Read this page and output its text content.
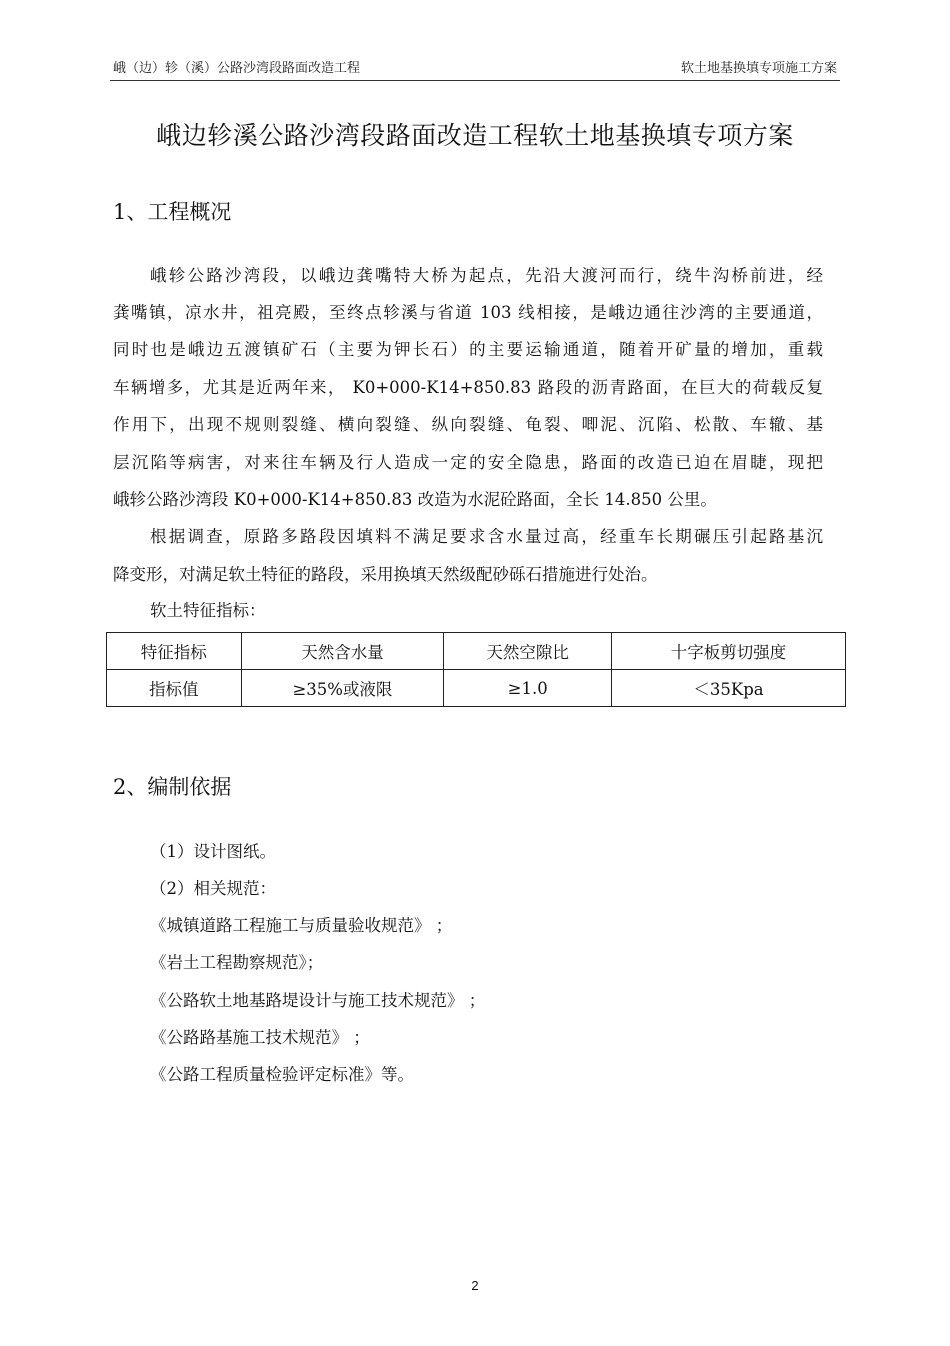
峨（边）轸（溪）公路沙湾段路面改造工程	软土地基换填专项施工方案
峨边轸溪公路沙湾段路面改造工程软土地基换填专项方案
1、工程概况
峨轸公路沙湾段，以峨边龚嘴特大桥为起点，先沿大渡河而行，绕牛沟桥前进，经
龚嘴镇，凉水井，祖亮殿，至终点轸溪与省道 103 线相接，是峨边通往沙湾的主要通道，
同时也是峨边五渡镇矿石（主要为钾长石）的主要运输通道，随着开矿量的增加，重载
车辆增多，尤其是近两年来， K0+000-K14+850.83 路段的沥青路面，在巨大的荷载反复
作用下，出现不规则裂缝、横向裂缝、纵向裂缝、龟裂、唧泥、沉陷、松散、车辙、基
层沉陷等病害，对来往车辆及行人造成一定的安全隐患，路面的改造已迫在眉睫，现把
峨轸公路沙湾段 K0+000-K14+850.83 改造为水泥砼路面，全长 14.850 公里。
根据调查，原路多路段因填料不满足要求含水量过高，经重车长期碾压引起路基沉
降变形，对满足软土特征的路段，采用换填天然级配砂砾石措施进行处治。
软土特征指标：
特征指标	天然含水量	天然空隙比	十字板剪切强度
指标值	≥35%或液限	≥1.0	＜35Kpa
2、编制依据
（1）设计图纸。
（2）相关规范：
《城镇道路工程施工与质量验收规范》 ；
《岩土工程勘察规范》；
《公路软土地基路堤设计与施工技术规范》 ；
《公路路基施工技术规范》 ；
《公路工程质量检验评定标准》等。
2
